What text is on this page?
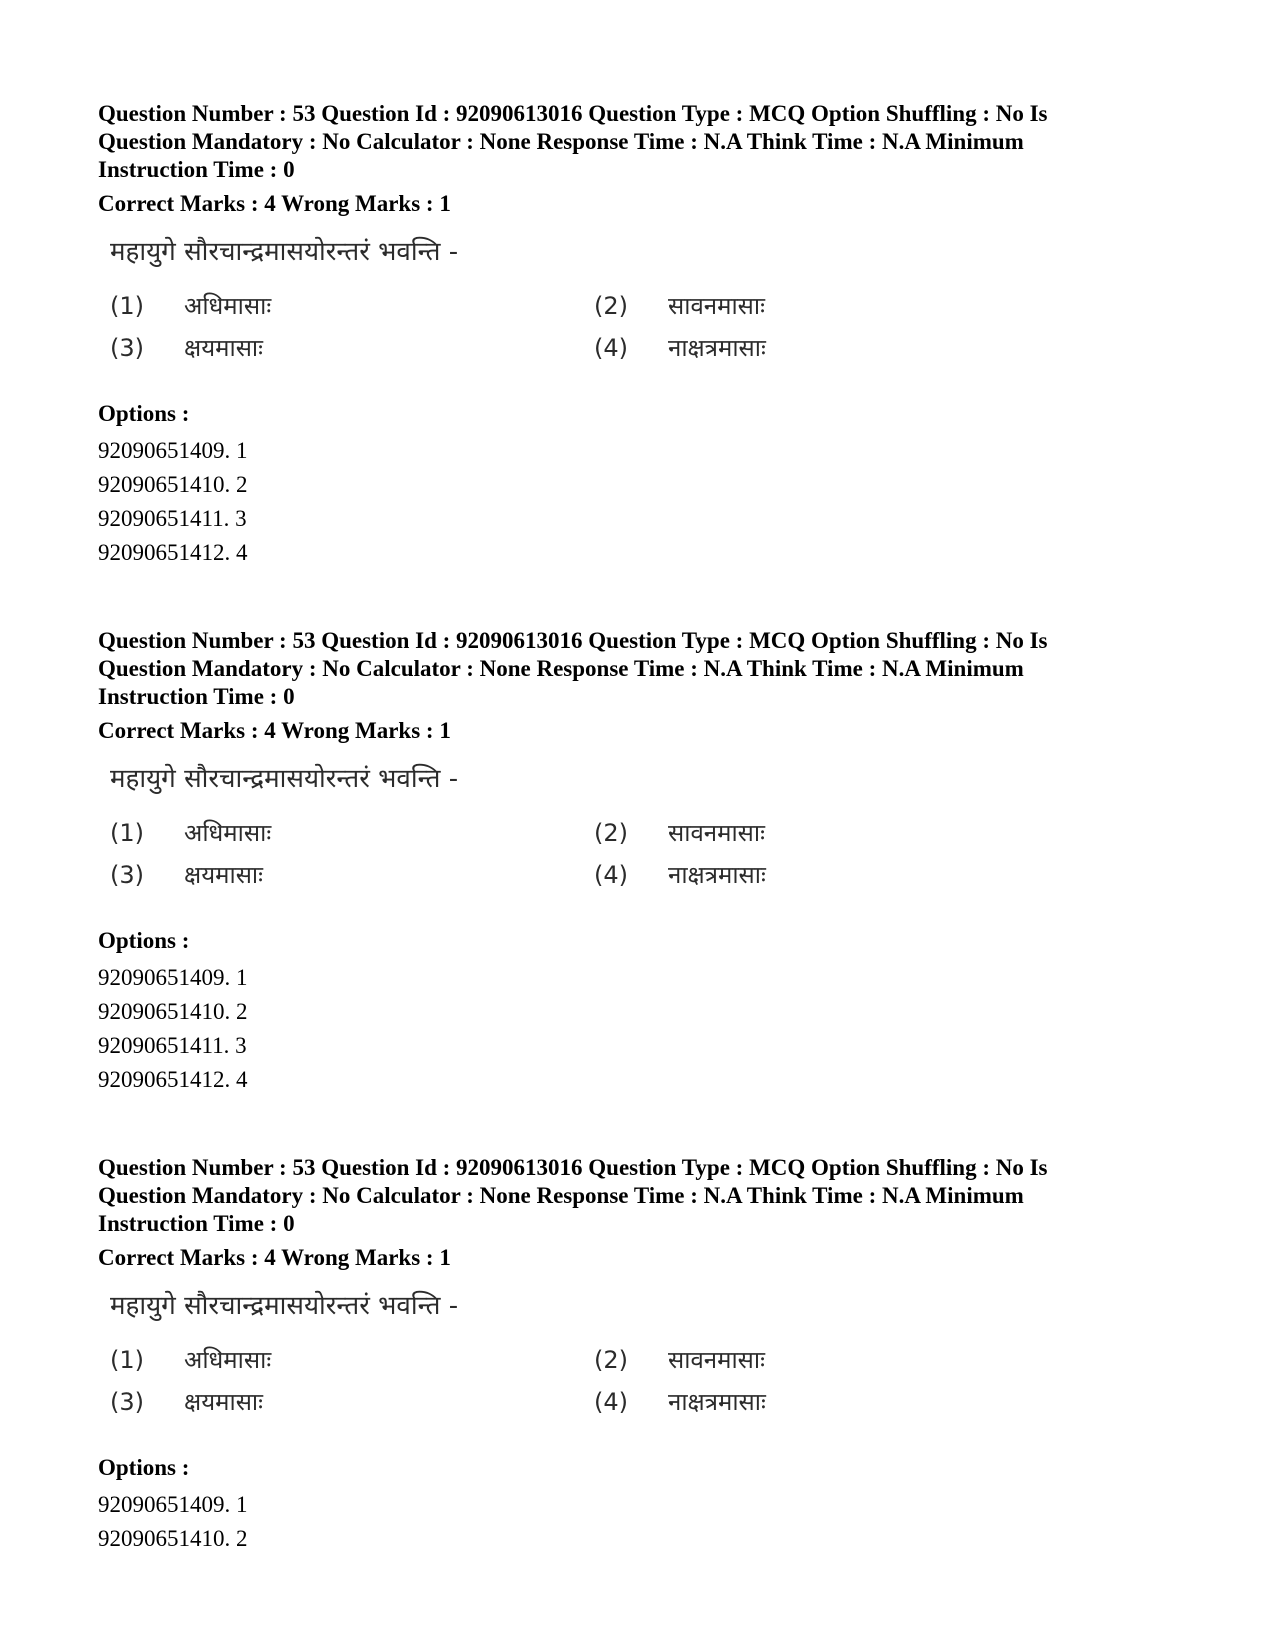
Question Number : 53 Question Id : 92090613016 Question Type : MCQ Option Shuffling : No Is
Question Mandatory : No Calculator : None Response Time : N.A Think Time : N.A Minimum
Instruction Time : 0

Correct Marks : 4 Wrong Marks : 1

महायुगे सौरचान्द्रमासयोरन्तरं भवन्ति -
(1) अधिमासाः	(2) सावनमासाः
(3) क्षयमासाः	(4) नाक्षत्रमासाः

Options :

92090651409. 1
92090651410. 2
92090651411. 3
92090651412. 4

Question Number : 53 Question Id : 92090613016 Question Type : MCQ Option Shuffling : No Is
Question Mandatory : No Calculator : None Response Time : N.A Think Time : N.A Minimum
Instruction Time : 0

Correct Marks : 4 Wrong Marks : 1

महायुगे सौरचान्द्रमासयोरन्तरं भवन्ति -
(1) अधिमासाः	(2) सावनमासाः
(3) क्षयमासाः	(4) नाक्षत्रमासाः

Options :

92090651409. 1
92090651410. 2
92090651411. 3
92090651412. 4

Question Number : 53 Question Id : 92090613016 Question Type : MCQ Option Shuffling : No Is
Question Mandatory : No Calculator : None Response Time : N.A Think Time : N.A Minimum
Instruction Time : 0

Correct Marks : 4 Wrong Marks : 1

महायुगे सौरचान्द्रमासयोरन्तरं भवन्ति -
(1) अधिमासाः	(2) सावनमासाः
(3) क्षयमासाः	(4) नाक्षत्रमासाः

Options :

92090651409. 1
92090651410. 2
